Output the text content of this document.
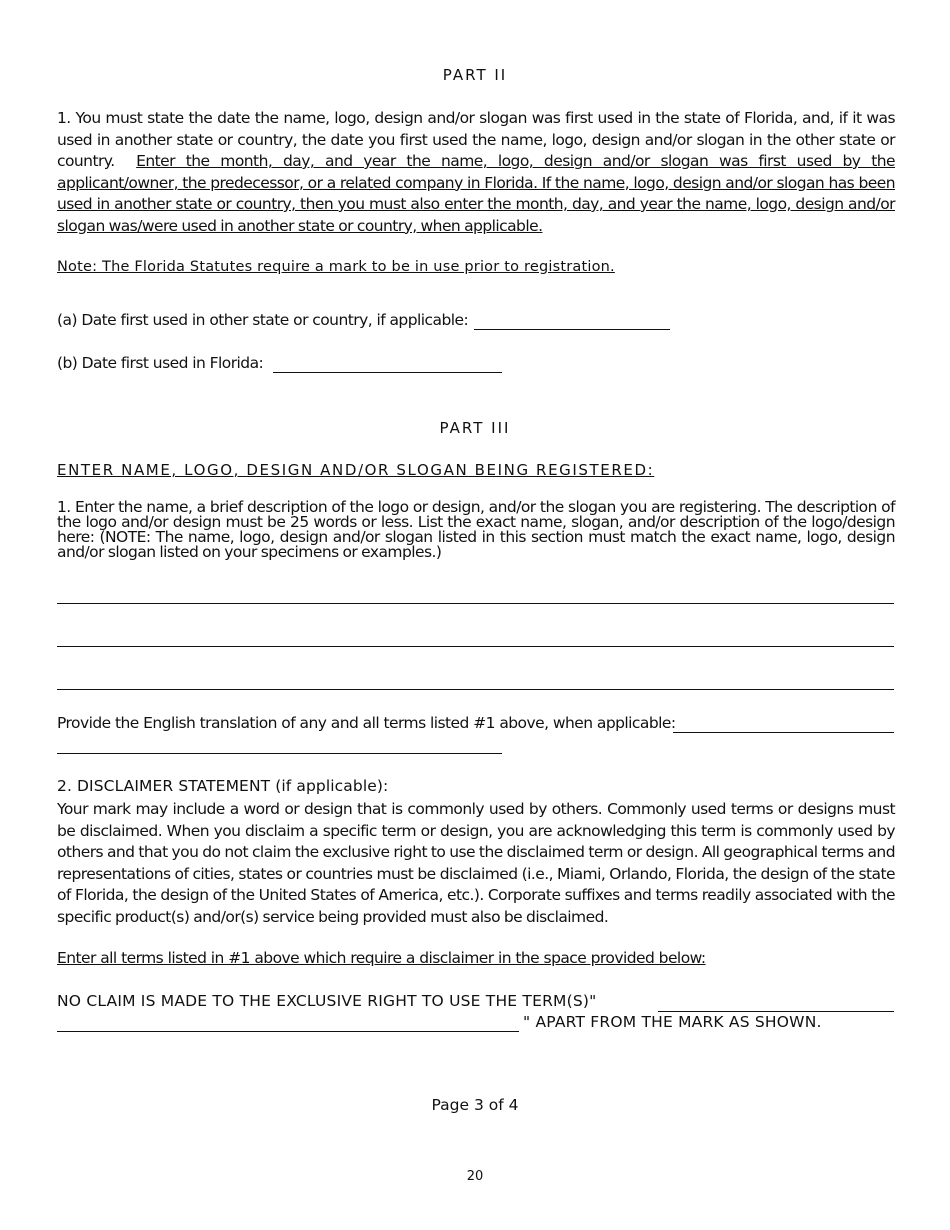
PART II
1. You must state the date the name, logo, design and/or slogan was first used in the state of Florida, and, if it was used in another state or country, the date you first used the name, logo, design and/or slogan in the other state or country. Enter the month, day, and year the name, logo, design and/or slogan was first used by the applicant/owner, the predecessor, or a related company in Florida. If the name, logo, design and/or slogan has been used in another state or country, then you must also enter the month, day, and year the name, logo, design and/or slogan was/were used in another state or country, when applicable.
Note: The Florida Statutes require a mark to be in use prior to registration.
(a) Date first used in other state or country, if applicable:
(b) Date first used in Florida:
PART III
ENTER NAME, LOGO, DESIGN AND/OR SLOGAN BEING REGISTERED:
1. Enter the name, a brief description of the logo or design, and/or the slogan you are registering. The description of the logo and/or design must be 25 words or less. List the exact name, slogan, and/or description of the logo/design here: (NOTE: The name, logo, design and/or slogan listed in this section must match the exact name, logo, design and/or slogan listed on your specimens or examples.)
Provide the English translation of any and all terms listed #1 above, when applicable:
2. DISCLAIMER STATEMENT (if applicable):
Your mark may include a word or design that is commonly used by others. Commonly used terms or designs must be disclaimed. When you disclaim a specific term or design, you are acknowledging this term is commonly used by others and that you do not claim the exclusive right to use the disclaimed term or design. All geographical terms and representations of cities, states or countries must be disclaimed (i.e., Miami, Orlando, Florida, the design of the state of Florida, the design of the United States of America, etc.). Corporate suffixes and terms readily associated with the specific product(s) and/or(s) service being provided must also be disclaimed.
Enter all terms listed in #1 above which require a disclaimer in the space provided below:
NO CLAIM IS MADE TO THE EXCLUSIVE RIGHT TO USE THE TERM(S)"
" APART FROM THE MARK AS SHOWN.
Page 3 of 4
20
